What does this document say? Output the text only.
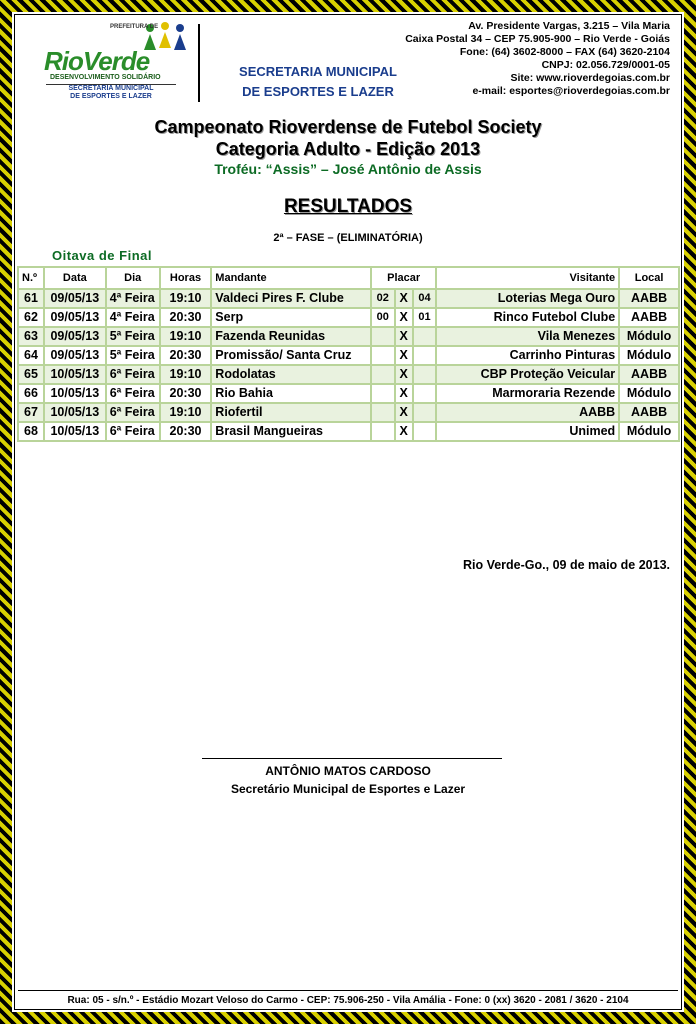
PREFEITURA DE
RioVerde
DESENVOLVIMENTO SOLIDÁRIO
SECRETARIA MUNICIPAL
DE ESPORTES E LAZER
SECRETARIA MUNICIPAL
DE ESPORTES E LAZER
Av. Presidente Vargas, 3.215 – Vila Maria
Caixa Postal 34 – CEP 75.905-900 – Rio Verde - Goiás
Fone: (64) 3602-8000 – FAX (64) 3620-2104
CNPJ: 02.056.729/0001-05
Site: www.rioverdegoias.com.br
e-mail: esportes@rioverdegoias.com.br
Campeonato Rioverdense de Futebol Society
Categoria Adulto - Edição 2013
Troféu: “Assis” – José Antônio de Assis
RESULTADOS
2ª – FASE – (ELIMINATÓRIA)
Oitava de Final
N.º	Data	Dia	Horas	Mandante	Placar			Visitante	Local
61	09/05/13	4ª Feira	19:10	Valdeci Pires F. Clube	02	X	04	Loterias Mega Ouro	AABB
62	09/05/13	4ª Feira	20:30	Serp	00	X	01	Rinco Futebol Clube	AABB
63	09/05/13	5ª Feira	19:10	Fazenda Reunidas		X		Vila Menezes	Módulo
64	09/05/13	5ª Feira	20:30	Promissão/ Santa Cruz		X		Carrinho Pinturas	Módulo
65	10/05/13	6ª Feira	19:10	Rodolatas		X		CBP Proteção Veicular	AABB
66	10/05/13	6ª Feira	20:30	Rio Bahia		X		Marmoraria Rezende	Módulo
67	10/05/13	6ª Feira	19:10	Riofertil		X		AABB	AABB
68	10/05/13	6ª Feira	20:30	Brasil Mangueiras		X		Unimed	Módulo
Rio Verde-Go., 09 de maio de 2013.
ANTÔNIO MATOS CARDOSO
Secretário Municipal de Esportes e Lazer
Rua: 05 - s/n.º - Estádio Mozart Veloso do Carmo - CEP: 75.906-250 - Vila Amália - Fone: 0 (xx) 3620 - 2081 / 3620 - 2104
